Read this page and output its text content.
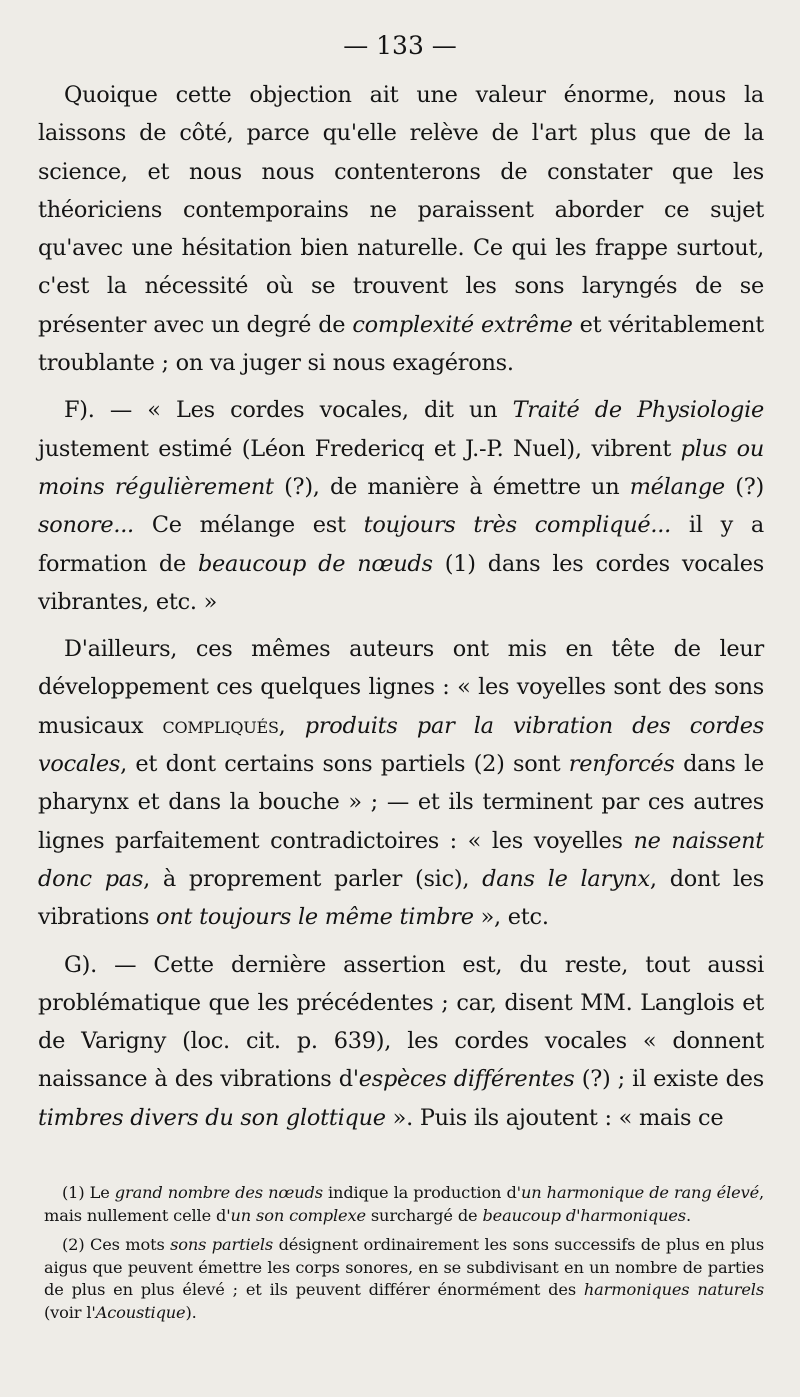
— 133 —

Quoique cette objection ait une valeur énorme, nous la laissons de côté, parce qu'elle relève de l'art plus que de la science, et nous nous contenterons de constater que les théoriciens contemporains ne paraissent aborder ce sujet qu'avec une hésitation bien naturelle. Ce qui les frappe surtout, c'est la nécessité où se trouvent les sons laryngés de se présenter avec un degré de complexité extrême et véritablement troublante ; on va juger si nous exagérons.

F). — « Les cordes vocales, dit un Traité de Physiologie justement estimé (Léon Fredericq et J.-P. Nuel), vibrent plus ou moins régulièrement (?), de manière à émettre un mélange (?) sonore... Ce mélange est toujours très compliqué... il y a formation de beaucoup de nœuds (1) dans les cordes vocales vibrantes, etc. »

D'ailleurs, ces mêmes auteurs ont mis en tête de leur développement ces quelques lignes : « les voyelles sont des sons musicaux compliqués, produits par la vibration des cordes vocales, et dont certains sons partiels (2) sont renforcés dans le pharynx et dans la bouche » ; — et ils terminent par ces autres lignes parfaitement contradictoires : « les voyelles ne naissent donc pas, à proprement parler (sic), dans le larynx, dont les vibrations ont toujours le même timbre », etc.

G). — Cette dernière assertion est, du reste, tout aussi problématique que les précédentes ; car, disent MM. Langlois et de Varigny (loc. cit. p. 639), les cordes vocales « donnent naissance à des vibrations d'espèces différentes (?) ; il existe des timbres divers du son glottique ». Puis ils ajoutent : « mais ce

(1) Le grand nombre des nœuds indique la production d'un harmonique de rang élevé, mais nullement celle d'un son complexe surchargé de beaucoup d'harmoniques.

(2) Ces mots sons partiels désignent ordinairement les sons successifs de plus en plus aigus que peuvent émettre les corps sonores, en se subdivisant en un nombre de parties de plus en plus élevé ; et ils peuvent différer énormément des harmoniques naturels (voir l'Acoustique).
